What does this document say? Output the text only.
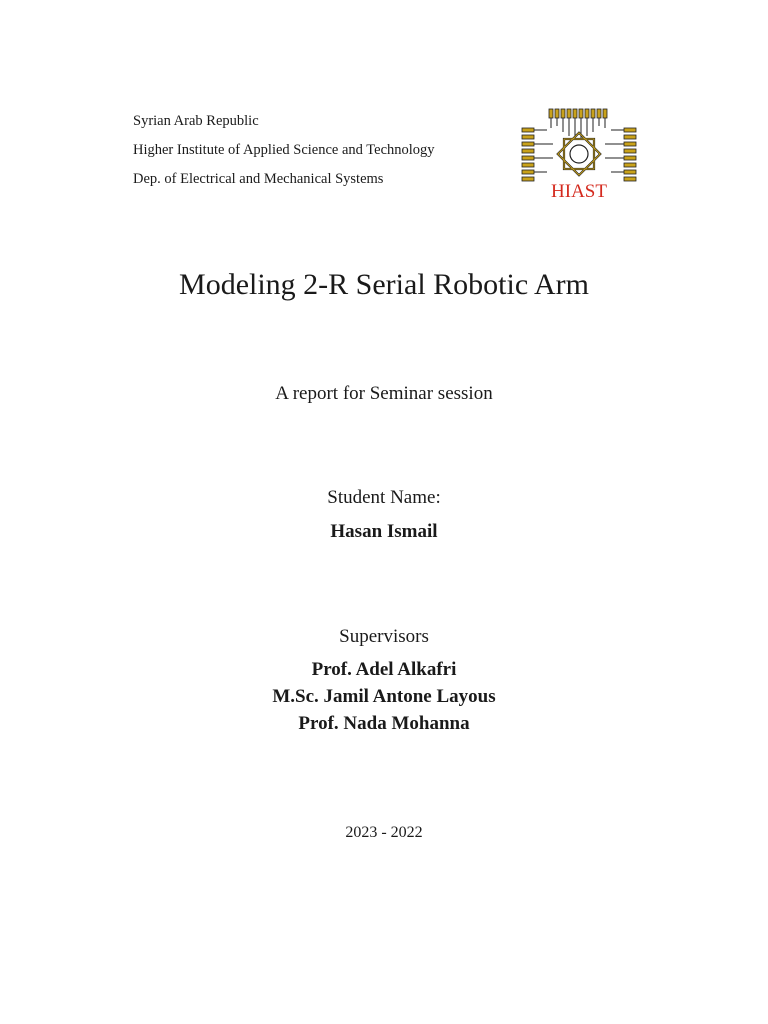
Syrian Arab Republic
Higher Institute of Applied Science and Technology
Dep. of Electrical and Mechanical Systems
HIAST
Modeling 2-R Serial Robotic Arm
A report for Seminar session
Student Name:
Hasan Ismail
Supervisors
Prof. Adel Alkafri
M.Sc. Jamil Antone Layous
Prof. Nada Mohanna
2023 - 2022
